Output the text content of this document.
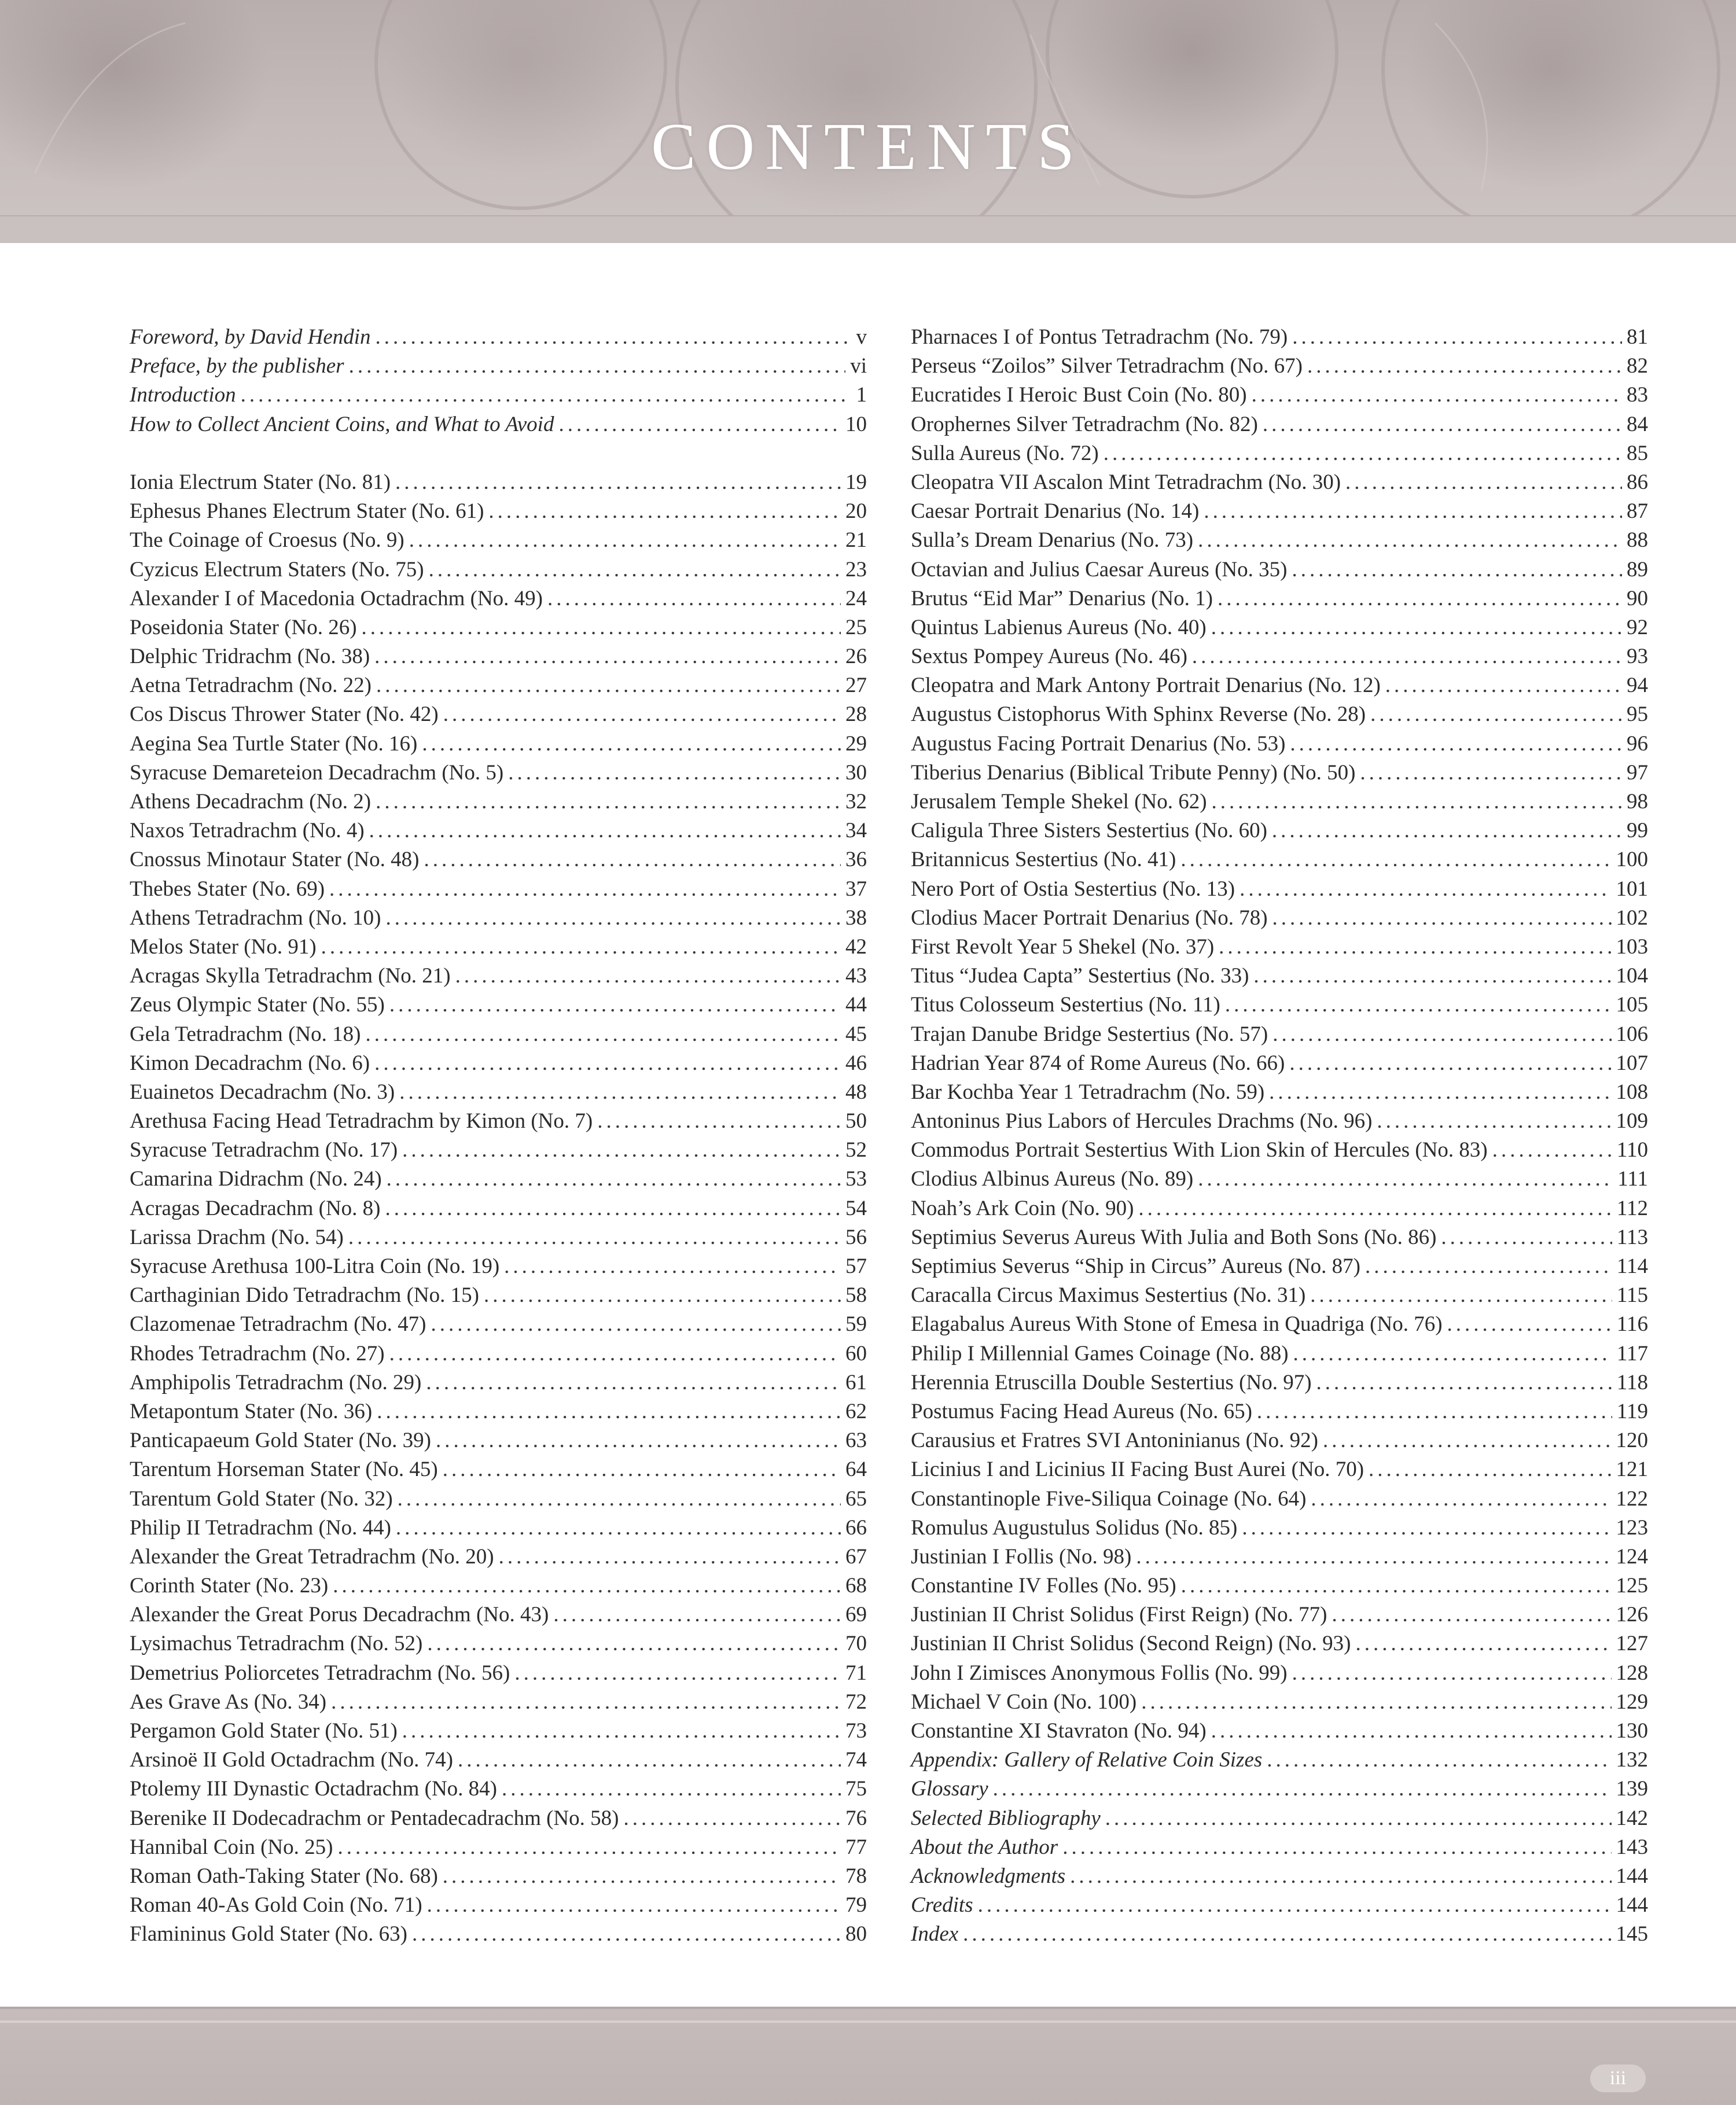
CONTENTS
Foreword, by David Hendin .....	v
Preface, by the publisher .....	vi
Introduction .....	1
How to Collect Ancient Coins, and What to Avoid .....	10
Ionia Electrum Stater (No. 81) .....	19
Ephesus Phanes Electrum Stater (No. 61) .....	20
The Coinage of Croesus (No. 9) .....	21
Cyzicus Electrum Staters (No. 75) .....	23
Alexander I of Macedonia Octadrachm (No. 49) .....	24
Poseidonia Stater (No. 26) .....	25
Delphic Tridrachm (No. 38) .....	26
Aetna Tetradrachm (No. 22) .....	27
Cos Discus Thrower Stater (No. 42) .....	28
Aegina Sea Turtle Stater (No. 16) .....	29
Syracuse Demareteion Decadrachm (No. 5) .....	30
Athens Decadrachm (No. 2) .....	32
Naxos Tetradrachm (No. 4) .....	34
Cnossus Minotaur Stater (No. 48) .....	36
Thebes Stater (No. 69) .....	37
Athens Tetradrachm (No. 10) .....	38
Melos Stater (No. 91) .....	42
Acragas Skylla Tetradrachm (No. 21) .....	43
Zeus Olympic Stater (No. 55) .....	44
Gela Tetradrachm (No. 18) .....	45
Kimon Decadrachm (No. 6) .....	46
Euainetos Decadrachm (No. 3) .....	48
Arethusa Facing Head Tetradrachm by Kimon (No. 7) .....	50
Syracuse Tetradrachm (No. 17) .....	52
Camarina Didrachm (No. 24) .....	53
Acragas Decadrachm (No. 8) .....	54
Larissa Drachm (No. 54) .....	56
Syracuse Arethusa 100-Litra Coin (No. 19) .....	57
Carthaginian Dido Tetradrachm (No. 15) .....	58
Clazomenae Tetradrachm (No. 47) .....	59
Rhodes Tetradrachm (No. 27) .....	60
Amphipolis Tetradrachm (No. 29) .....	61
Metapontum Stater (No. 36) .....	62
Panticapaeum Gold Stater (No. 39) .....	63
Tarentum Horseman Stater (No. 45) .....	64
Tarentum Gold Stater (No. 32) .....	65
Philip II Tetradrachm (No. 44) .....	66
Alexander the Great Tetradrachm (No. 20) .....	67
Corinth Stater (No. 23) .....	68
Alexander the Great Porus Decadrachm (No. 43) .....	69
Lysimachus Tetradrachm (No. 52) .....	70
Demetrius Poliorcetes Tetradrachm (No. 56) .....	71
Aes Grave As (No. 34) .....	72
Pergamon Gold Stater (No. 51) .....	73
Arsinoë II Gold Octadrachm (No. 74) .....	74
Ptolemy III Dynastic Octadrachm (No. 84) .....	75
Berenike II Dodecadrachm or Pentadecadrachm (No. 58) .....	76
Hannibal Coin (No. 25) .....	77
Roman Oath-Taking Stater (No. 68) .....	78
Roman 40-As Gold Coin (No. 71) .....	79
Flamininus Gold Stater (No. 63) .....	80
Pharnaces I of Pontus Tetradrachm (No. 79) .....	81
Perseus “Zoilos” Silver Tetradrachm (No. 67) .....	82
Eucratides I Heroic Bust Coin (No. 80) .....	83
Orophernes Silver Tetradrachm (No. 82) .....	84
Sulla Aureus (No. 72) .....	85
Cleopatra VII Ascalon Mint Tetradrachm (No. 30) .....	86
Caesar Portrait Denarius (No. 14) .....	87
Sulla’s Dream Denarius (No. 73) .....	88
Octavian and Julius Caesar Aureus (No. 35) .....	89
Brutus “Eid Mar” Denarius (No. 1) .....	90
Quintus Labienus Aureus (No. 40) .....	92
Sextus Pompey Aureus (No. 46) .....	93
Cleopatra and Mark Antony Portrait Denarius (No. 12) .....	94
Augustus Cistophorus With Sphinx Reverse (No. 28) .....	95
Augustus Facing Portrait Denarius (No. 53) .....	96
Tiberius Denarius (Biblical Tribute Penny) (No. 50) .....	97
Jerusalem Temple Shekel (No. 62) .....	98
Caligula Three Sisters Sestertius (No. 60) .....	99
Britannicus Sestertius (No. 41) .....	100
Nero Port of Ostia Sestertius (No. 13) .....	101
Clodius Macer Portrait Denarius (No. 78) .....	102
First Revolt Year 5 Shekel (No. 37) .....	103
Titus “Judea Capta” Sestertius (No. 33) .....	104
Titus Colosseum Sestertius (No. 11) .....	105
Trajan Danube Bridge Sestertius (No. 57) .....	106
Hadrian Year 874 of Rome Aureus (No. 66) .....	107
Bar Kochba Year 1 Tetradrachm (No. 59) .....	108
Antoninus Pius Labors of Hercules Drachms (No. 96) .....	109
Commodus Portrait Sestertius With Lion Skin of Hercules (No. 83) .....	110
Clodius Albinus Aureus (No. 89) .....	111
Noah’s Ark Coin (No. 90) .....	112
Septimius Severus Aureus With Julia and Both Sons (No. 86) .....	113
Septimius Severus “Ship in Circus” Aureus (No. 87) .....	114
Caracalla Circus Maximus Sestertius (No. 31) .....	115
Elagabalus Aureus With Stone of Emesa in Quadriga (No. 76) .....	116
Philip I Millennial Games Coinage (No. 88) .....	117
Herennia Etruscilla Double Sestertius (No. 97) .....	118
Postumus Facing Head Aureus (No. 65) .....	119
Carausius et Fratres SVI Antoninianus (No. 92) .....	120
Licinius I and Licinius II Facing Bust Aurei (No. 70) .....	121
Constantinople Five-Siliqua Coinage (No. 64) .....	122
Romulus Augustulus Solidus (No. 85) .....	123
Justinian I Follis (No. 98) .....	124
Constantine IV Folles (No. 95) .....	125
Justinian II Christ Solidus (First Reign) (No. 77) .....	126
Justinian II Christ Solidus (Second Reign) (No. 93) .....	127
John I Zimisces Anonymous Follis (No. 99) .....	128
Michael V Coin (No. 100) .....	129
Constantine XI Stavraton (No. 94) .....	130
Appendix: Gallery of Relative Coin Sizes .....	132
Glossary .....	139
Selected Bibliography .....	142
About the Author .....	143
Acknowledgments .....	144
Credits .....	144
Index .....	145
iii
